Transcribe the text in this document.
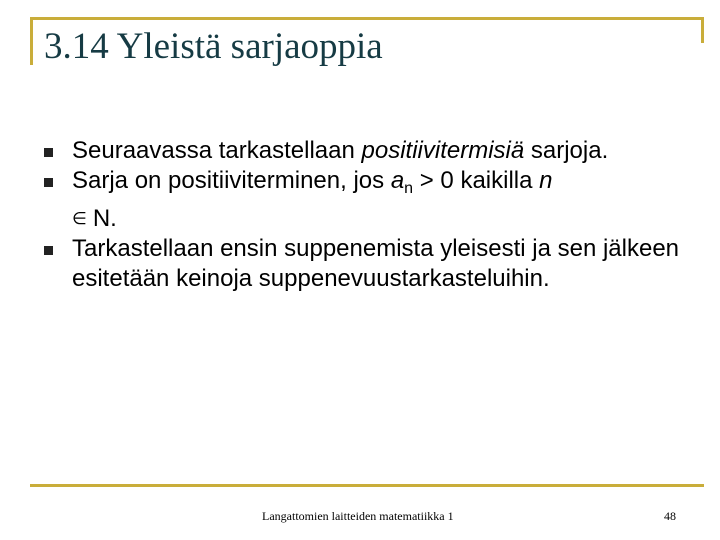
3.14 Yleistä sarjaoppia
Seuraavassa tarkastellaan positiivitermisiä sarjoja.
Sarja on positiiviterminen, jos $a_n > 0$ kaikilla n
∈ N.
Tarkastellaan ensin suppenemista yleisesti ja sen jälkeen esitetään keinoja suppenevuustarkasteluihin.
Langattomien laitteiden matematiikka 1	48
